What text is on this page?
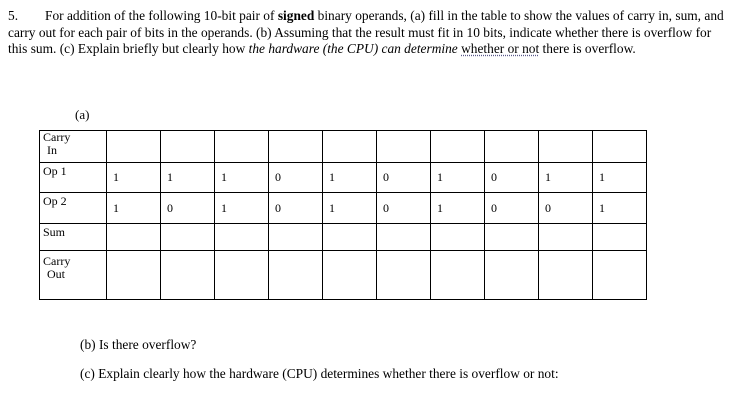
5. For addition of the following 10-bit pair of signed binary operands, (a) fill in the table to show the values of carry in, sum, and carry out for each pair of bits in the operands. (b) Assuming that the result must fit in 10 bits, indicate whether there is overflow for this sum. (c) Explain briefly but clearly how the hardware (the CPU) can determine whether or not there is overflow.
(a)
Carry
In										

Op 1	1	1	1	0	1	0	1	0	1	1

Op 2	1	0	1	0	1	0	1	0	0	1

Sum										

Carry
Out										

(b) Is there overflow?
(c) Explain clearly how the hardware (CPU) determines whether there is overflow or not:
